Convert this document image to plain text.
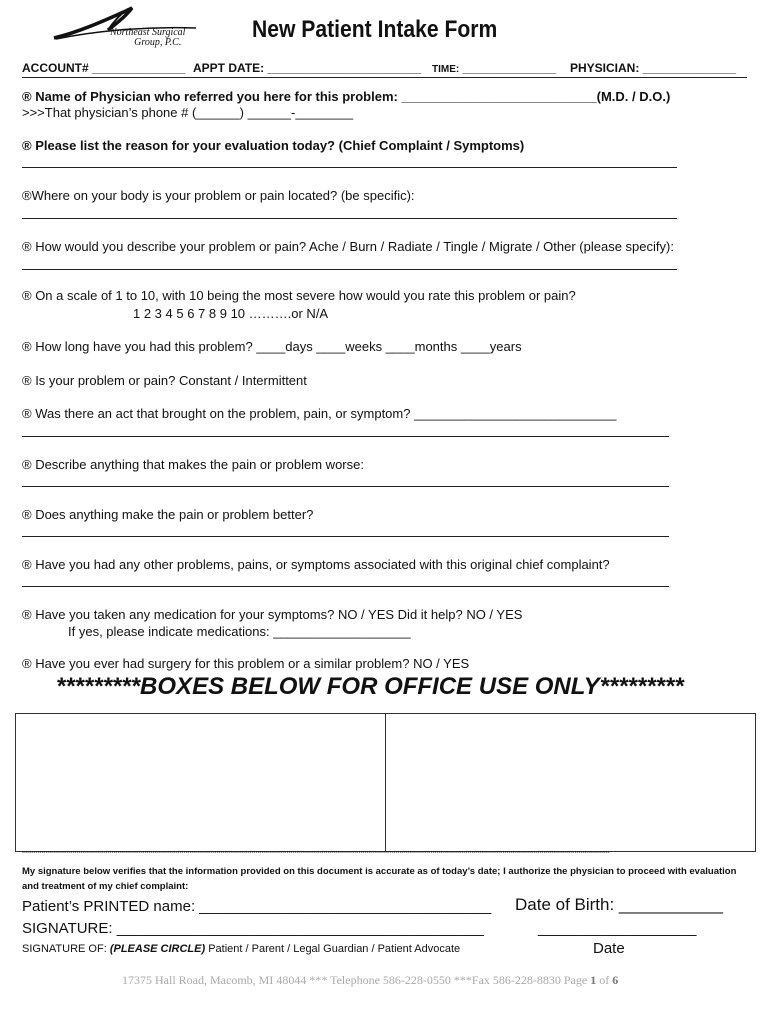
Northeast Surgical
Group, P.C.	New Patient Intake Form
ACCOUNT# ______________ APPT DATE: _______________________ TIME: ______________ PHYSICIAN: ______________
® Name of Physician who referred you here for this problem: ___________________________(M.D. / D.O.)
>>>That physician’s phone # (______) ______-________
® Please list the reason for your evaluation today? (Chief Complaint / Symptoms)
®Where on your body is your problem or pain located? (be specific):
® How would you describe your problem or pain? Ache / Burn / Radiate / Tingle / Migrate / Other (please specify):
® On a scale of 1 to 10, with 10 being the most severe how would you rate this problem or pain?
1 2 3 4 5 6 7 8 9 10 ……….or N/A
® How long have you had this problem? ____days ____weeks ____months ____years
® Is your problem or pain? Constant / Intermittent
® Was there an act that brought on the problem, pain, or symptom? ____________________________
® Describe anything that makes the pain or problem worse:
® Does anything make the pain or problem better?
® Have you had any other problems, pains, or symptoms associated with this original chief complaint?
® Have you taken any medication for your symptoms? NO / YES Did it help? NO / YES
If yes, please indicate medications: ___________________
® Have you ever had surgery for this problem or a similar problem? NO / YES
*********BOXES BELOW FOR OFFICE USE ONLY*********
**************************************************************************************************************************************************************************************************************************************************************************************************************
My signature below verifies that the information provided on this document is accurate as of today’s date; I authorize the physician to proceed with evaluation and treatment of my chief complaint:
Patient’s PRINTED name: ___________________________________ Date of Birth: ___________
SIGNATURE: ____________________________________________	___________________
SIGNATURE OF: (PLEASE CIRCLE) Patient / Parent / Legal Guardian / Patient Advocate	Date
17375 Hall Road, Macomb, MI 48044 *** Telephone 586-228-0550 ***Fax 586-228-8830 Page 1 of 6
